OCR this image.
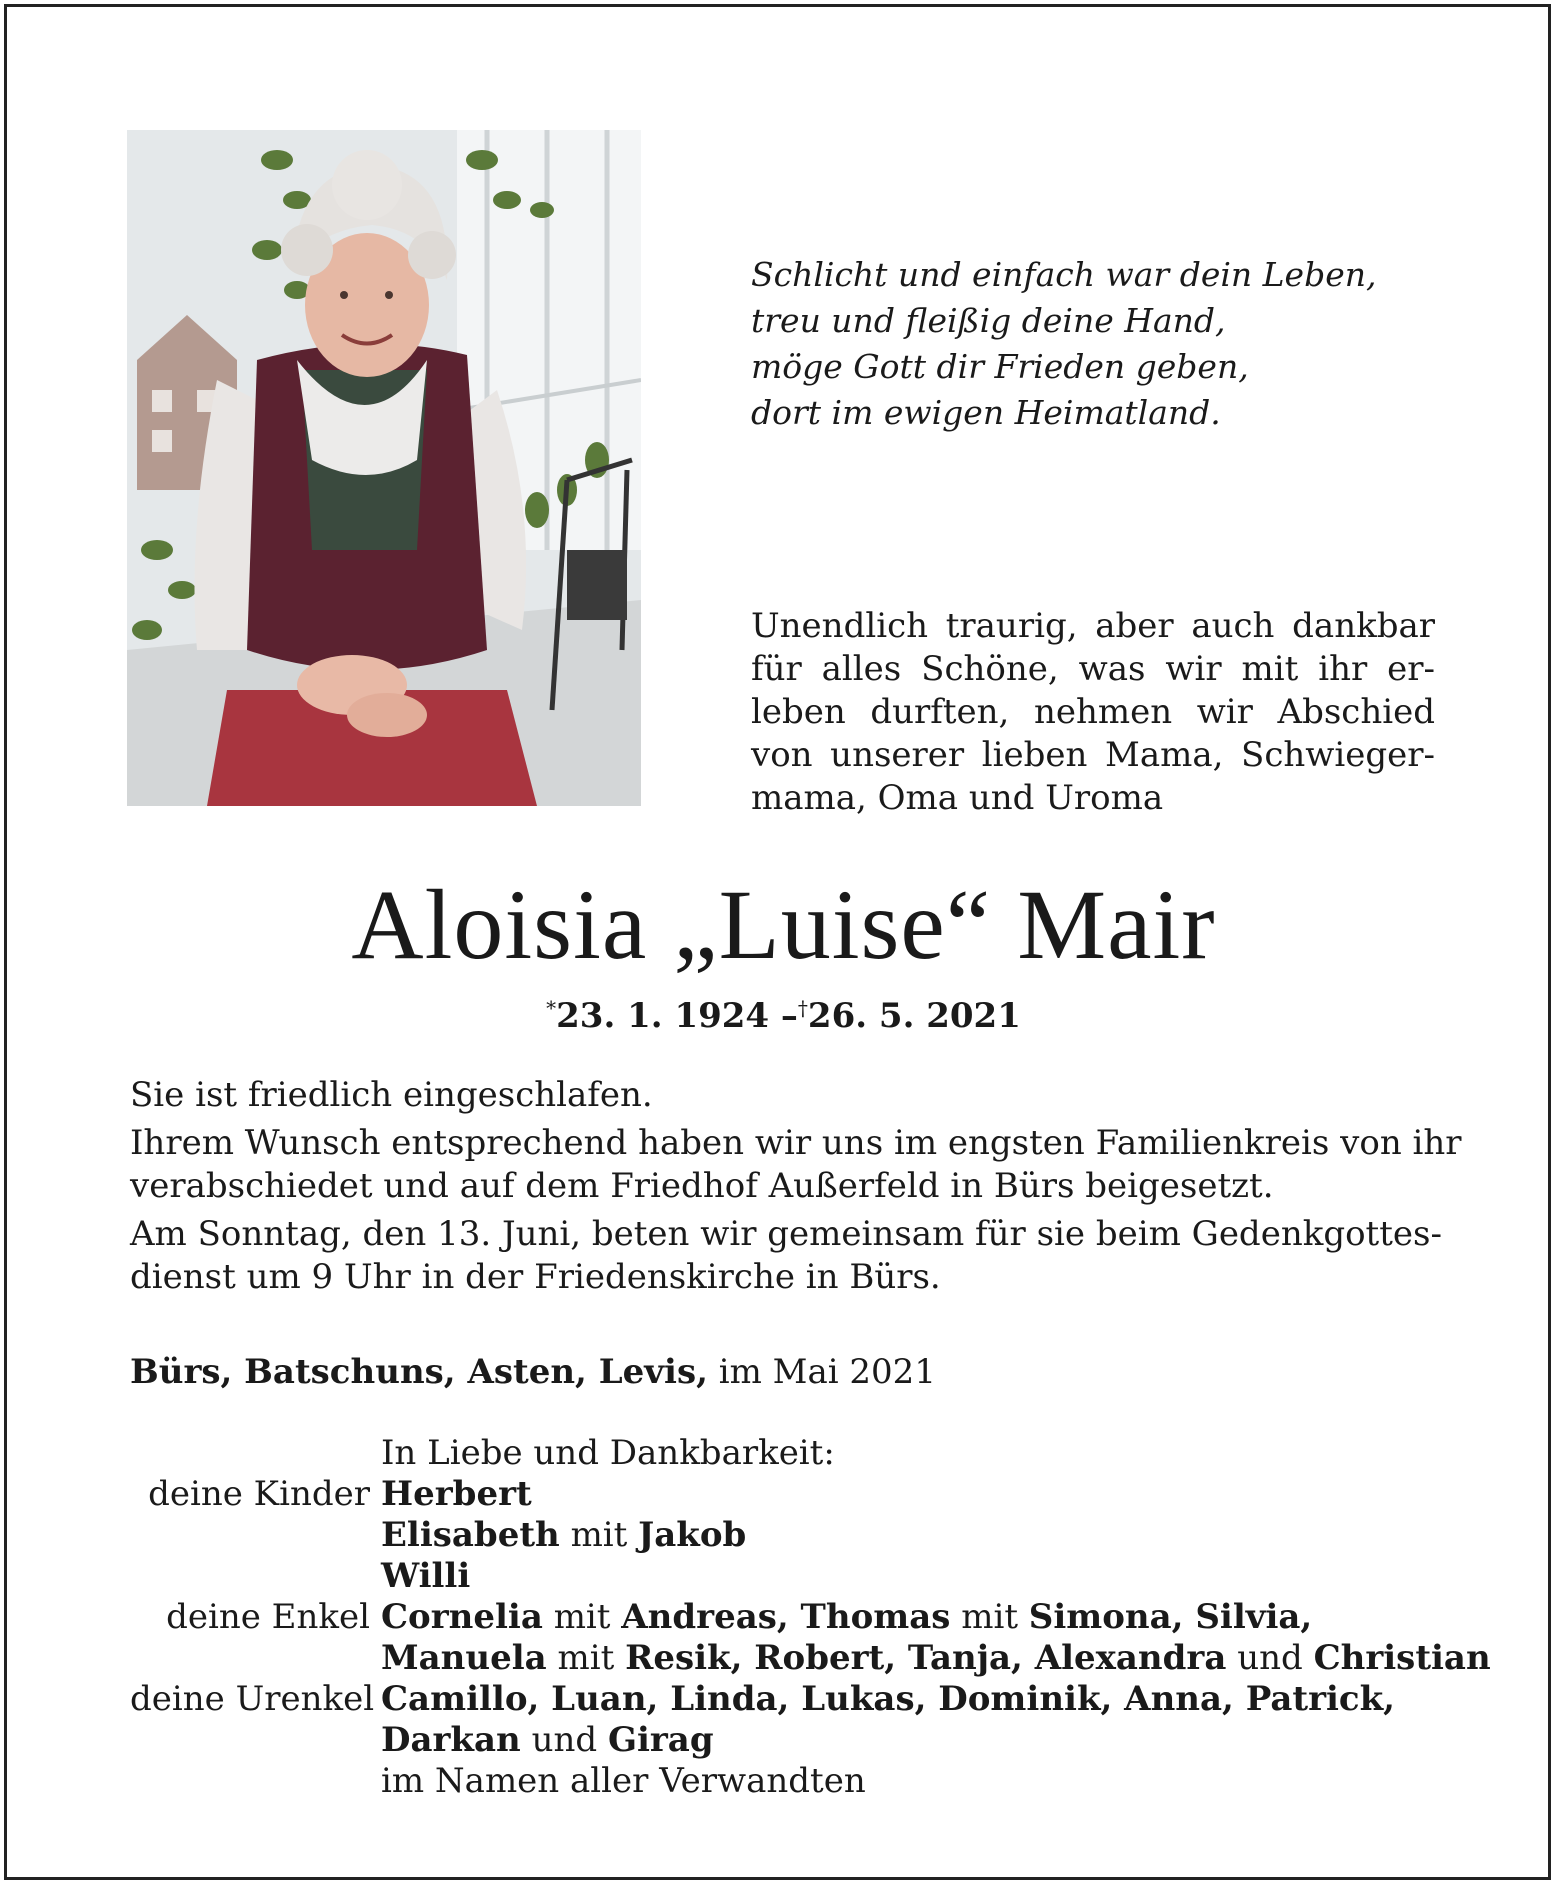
Schlicht und einfach war dein Leben,
treu und fleißig deine Hand,
möge Gott dir Frieden geben,
dort im ewigen Heimatland.
Unendlich traurig, aber auch dankbar
für alles Schöne, was wir mit ihr er-
leben durften, nehmen wir Abschied
von unserer lieben Mama, Schwieger-
mama, Oma und Uroma
Aloisia „Luise“ Mair
*23. 1. 1924 –†26. 5. 2021
Sie ist friedlich eingeschlafen.
Ihrem Wunsch entsprechend haben wir uns im engsten Familienkreis von ihr
verabschiedet und auf dem Friedhof Außerfeld in Bürs beigesetzt.
Am Sonntag, den 13. Juni, beten wir gemeinsam für sie beim Gedenkgottes-
dienst um 9 Uhr in der Friedenskirche in Bürs.
Bürs, Batschuns, Asten, Levis, im Mai 2021
In Liebe und Dankbarkeit:
deine Kinder Herbert
Elisabeth mit Jakob
Willi
deine Enkel Cornelia mit Andreas, Thomas mit Simona, Silvia,
Manuela mit Resik, Robert, Tanja, Alexandra und Christian
deine Urenkel Camillo, Luan, Linda, Lukas, Dominik, Anna, Patrick,
Darkan und Girag
im Namen aller Verwandten
